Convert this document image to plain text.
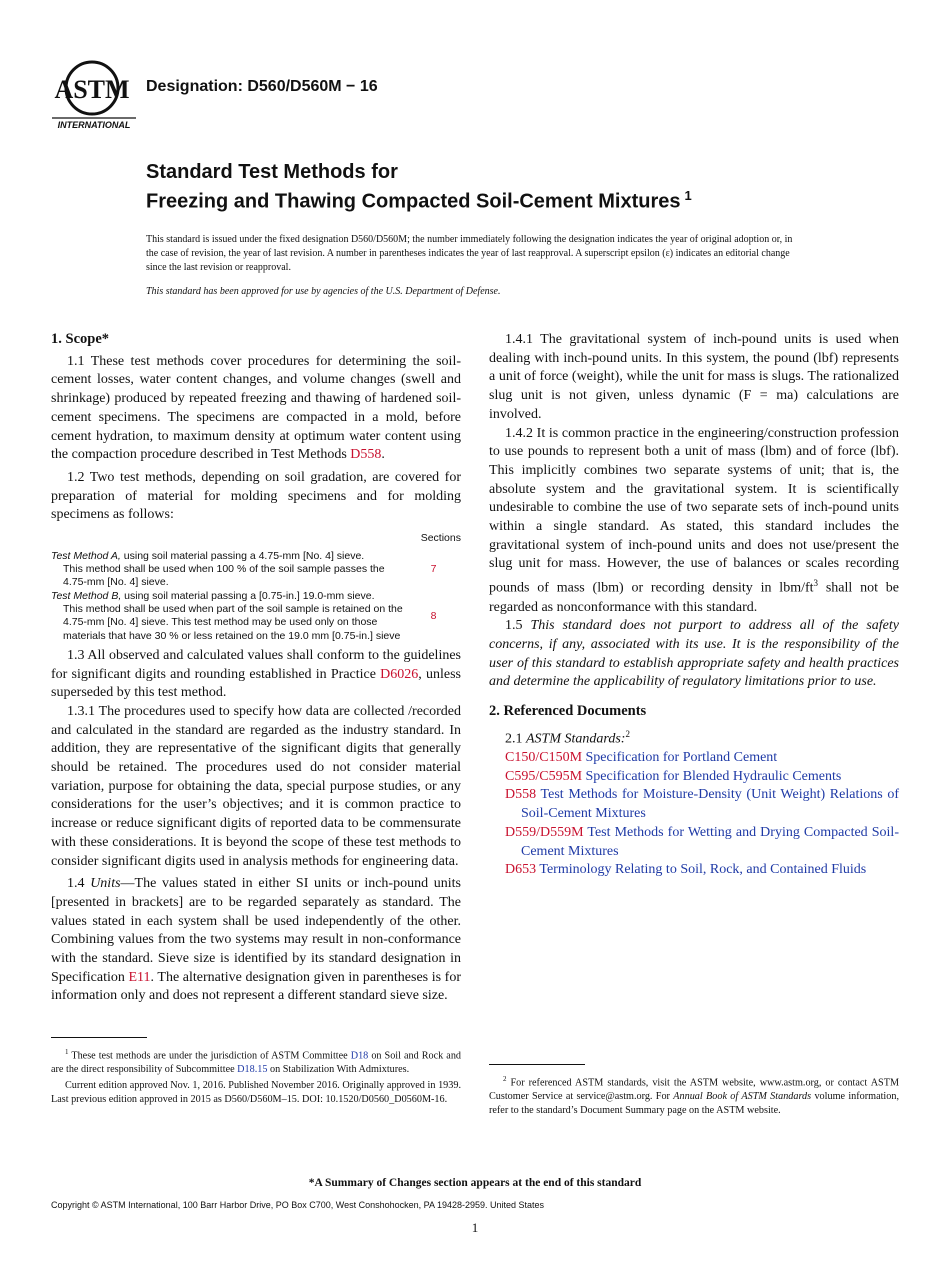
ASTM
INTERNATIONAL
Designation: D560/D560M − 16
Standard Test Methods for
Freezing and Thawing Compacted Soil-Cement Mixtures $^1$
This standard is issued under the fixed designation D560/D560M; the number immediately following the designation indicates the year of original adoption or, in the case of revision, the year of last revision. A number in parentheses indicates the year of last reapproval. A superscript epsilon (ε) indicates an editorial change since the last revision or reapproval.
This standard has been approved for use by agencies of the U.S. Department of Defense.
1. Scope*

1.1 These test methods cover procedures for determining the soil-cement losses, water content changes, and volume changes (swell and shrinkage) produced by repeated freezing and thawing of hardened soil-cement specimens. The specimens are compacted in a mold, before cement hydration, to maximum density at optimum water content using the compaction procedure described in Test Methods D558.

1.2 Two test methods, depending on soil gradation, are covered for preparation of material for molding specimens and for molding specimens as follows:

Sections
Test Method A, using soil material passing a 4.75-mm [No. 4] sieve.
This method shall be used when 100 % of the soil sample passes the 4.75-mm [No. 4] sieve.
7
Test Method B, using soil material passing a [0.75-in.] 19.0-mm sieve.
This method shall be used when part of the soil sample is retained on the 4.75-mm [No. 4] sieve. This test method may be used only on those materials that have 30 % or less retained on the 19.0 mm [0.75-in.] sieve
8

1.3 All observed and calculated values shall conform to the guidelines for significant digits and rounding established in Practice D6026, unless superseded by this test method.

1.3.1 The procedures used to specify how data are collected /recorded and calculated in the standard are regarded as the industry standard. In addition, they are representative of the significant digits that generally should be retained. The procedures used do not consider material variation, purpose for obtaining the data, special purpose studies, or any considerations for the user’s objectives; and it is common practice to increase or reduce significant digits of reported data to be commensurate with these considerations. It is beyond the scope of these test methods to consider significant digits used in analysis methods for engineering data.

1.4 Units—The values stated in either SI units or inch-pound units [presented in brackets] are to be regarded separately as standard. The values stated in each system shall be used independently of the other. Combining values from the two systems may result in non-conformance with the standard. Sieve size is identified by its standard designation in Specification E11. The alternative designation given in parentheses is for information only and does not represent a different standard sieve size.

1.4.1 The gravitational system of inch-pound units is used when dealing with inch-pound units. In this system, the pound (lbf) represents a unit of force (weight), while the unit for mass is slugs. The rationalized slug unit is not given, unless dynamic (F = ma) calculations are involved.

1.4.2 It is common practice in the engineering/construction profession to use pounds to represent both a unit of mass (lbm) and of force (lbf). This implicitly combines two separate systems of unit; that is, the absolute system and the gravitational system. It is scientifically undesirable to combine the use of two separate sets of inch-pound units within a single standard. As stated, this standard includes the gravitational system of inch-pound units and does not use/present the slug unit for mass. However, the use of balances or scales recording pounds of mass (lbm) or recording density in lbm/$ft^3$ shall not be regarded as nonconformance with this standard.

1.5 This standard does not purport to address all of the safety concerns, if any, associated with its use. It is the responsibility of the user of this standard to establish appropriate safety and health practices and determine the applicability of regulatory limitations prior to use.

2. Referenced Documents

2.1 ASTM Standards:$^2$

C150/C150M Specification for Portland Cement
C595/C595M Specification for Blended Hydraulic Cements
D558 Test Methods for Moisture-Density (Unit Weight) Relations of Soil-Cement Mixtures
D559/D559M Test Methods for Wetting and Drying Compacted Soil-Cement Mixtures
D653 Terminology Relating to Soil, Rock, and Contained Fluids

$^1$ These test methods are under the jurisdiction of ASTM Committee D18 on Soil and Rock and are the direct responsibility of Subcommittee D18.15 on Stabilization With Admixtures.

Current edition approved Nov. 1, 2016. Published November 2016. Originally approved in 1939. Last previous edition approved in 2015 as D560/D560M–15. DOI: 10.1520/D0560_D0560M-16.

$^2$ For referenced ASTM standards, visit the ASTM website, www.astm.org, or contact ASTM Customer Service at service@astm.org. For Annual Book of ASTM Standards volume information, refer to the standard’s Document Summary page on the ASTM website.

*A Summary of Changes section appears at the end of this standard
Copyright © ASTM International, 100 Barr Harbor Drive, PO Box C700, West Conshohocken, PA 19428-2959. United States
1
